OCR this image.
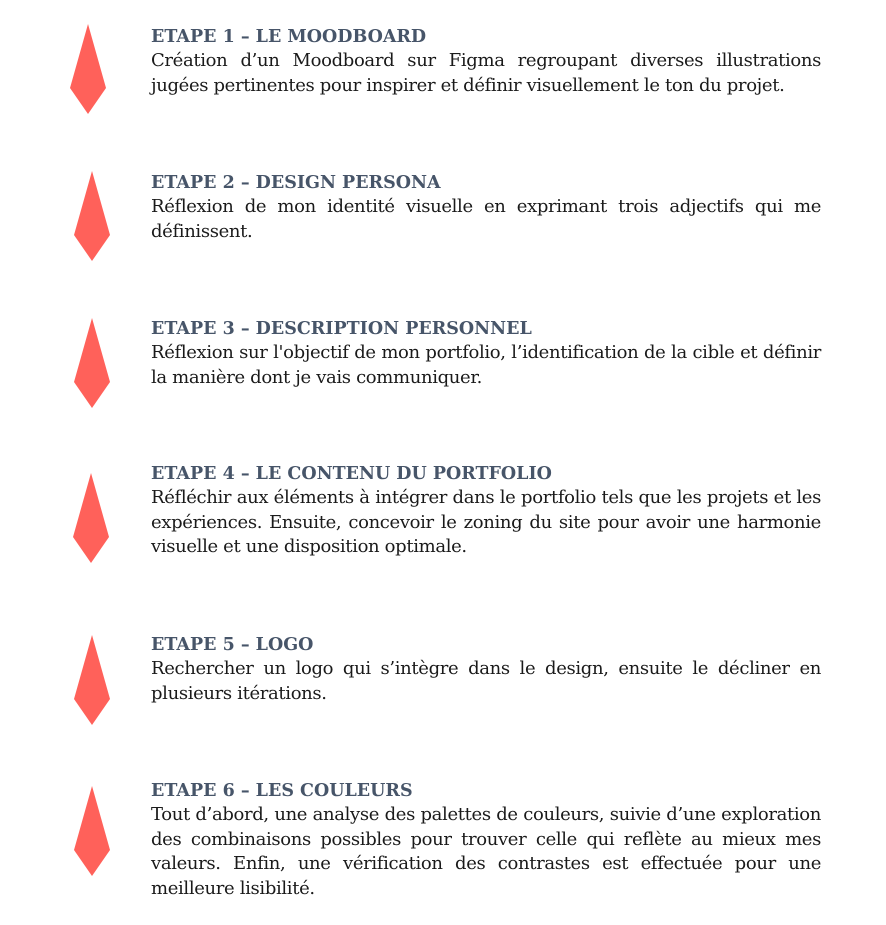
ETAPE 1 – LE MOODBOARD
Création d’un Moodboard sur Figma regroupant diverses illustrations jugées pertinentes pour inspirer et définir visuellement le ton du projet.
ETAPE 2 – DESIGN PERSONA
Réflexion de mon identité visuelle en exprimant trois adjectifs qui me définissent.
ETAPE 3 – DESCRIPTION PERSONNEL
Réflexion sur l'objectif de mon portfolio, l’identification de la cible et définir la manière dont je vais communiquer.
ETAPE 4 – LE CONTENU DU PORTFOLIO
Réfléchir aux éléments à intégrer dans le portfolio tels que les projets et les expériences. Ensuite, concevoir le zoning du site pour avoir une harmonie visuelle et une disposition optimale.
ETAPE 5 – LOGO
Rechercher un logo qui s’intègre dans le design, ensuite le décliner en plusieurs itérations.
ETAPE 6 – LES COULEURS
Tout d’abord, une analyse des palettes de couleurs, suivie d’une exploration des combinaisons possibles pour trouver celle qui reflète au mieux mes valeurs. Enfin, une vérification des contrastes est effectuée pour une meilleure lisibilité.
